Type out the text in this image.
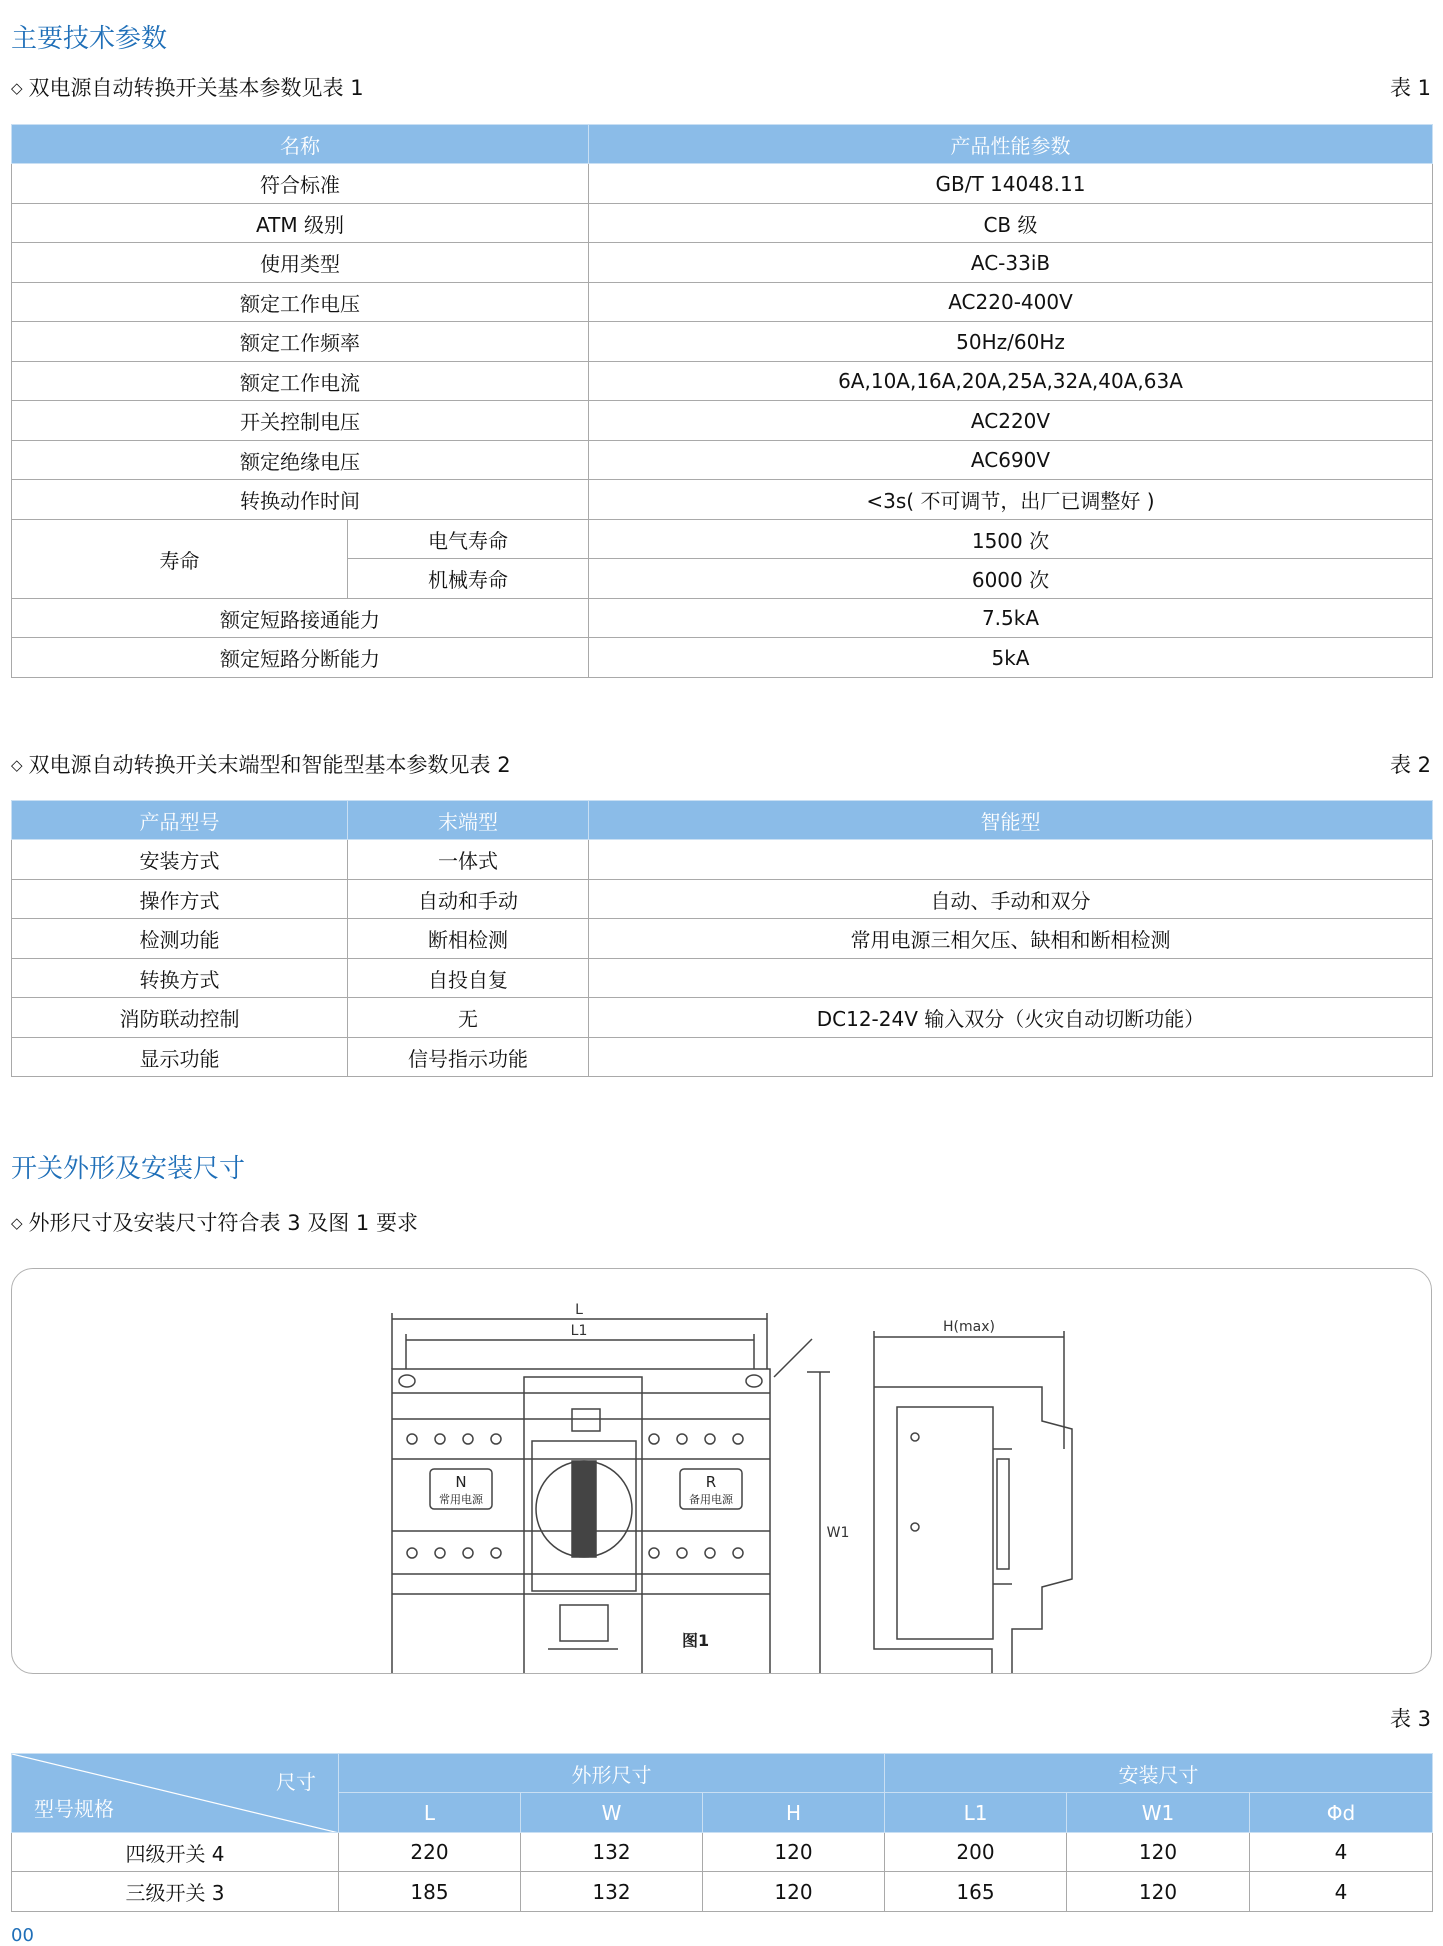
主要技术参数
◇ 双电源自动转换开关基本参数见表 1	表 1
名称		产品性能参数
符合标准		GB/T 14048.11
ATM 级别		CB 级
使用类型		AC-33iB
额定工作电压		AC220-400V
额定工作频率		50Hz/60Hz
额定工作电流		6A,10A,16A,20A,25A,32A,40A,63A
开关控制电压		AC220V
额定绝缘电压		AC690V
转换动作时间		<3s( 不可调节，出厂已调整好 )
寿命	电气寿命	1500 次
	机械寿命	6000 次
额定短路接通能力		7.5kA
额定短路分断能力		5kA
◇ 双电源自动转换开关末端型和智能型基本参数见表 2	表 2
产品型号	末端型	智能型
安装方式	一体式	
操作方式	自动和手动	自动、手动和双分
检测功能	断相检测	常用电源三相欠压、缺相和断相检测
转换方式	自投自复	
消防联动控制	无	DC12-24V 输入双分（火灾自动切断功能）
显示功能	信号指示功能	
开关外形及安装尺寸
◇ 外形尺寸及安装尺寸符合表 3 及图 1 要求
L
L1
W1
H(max)
N
常用电源
R
备用电源
图1
表 3
尺寸
型号规格	外形尺寸			安装尺寸		
	L	W	H	L1	W1	Φd
四级开关 4	220	132	120	200	120	4
三级开关 3	185	132	120	165	120	4
00
